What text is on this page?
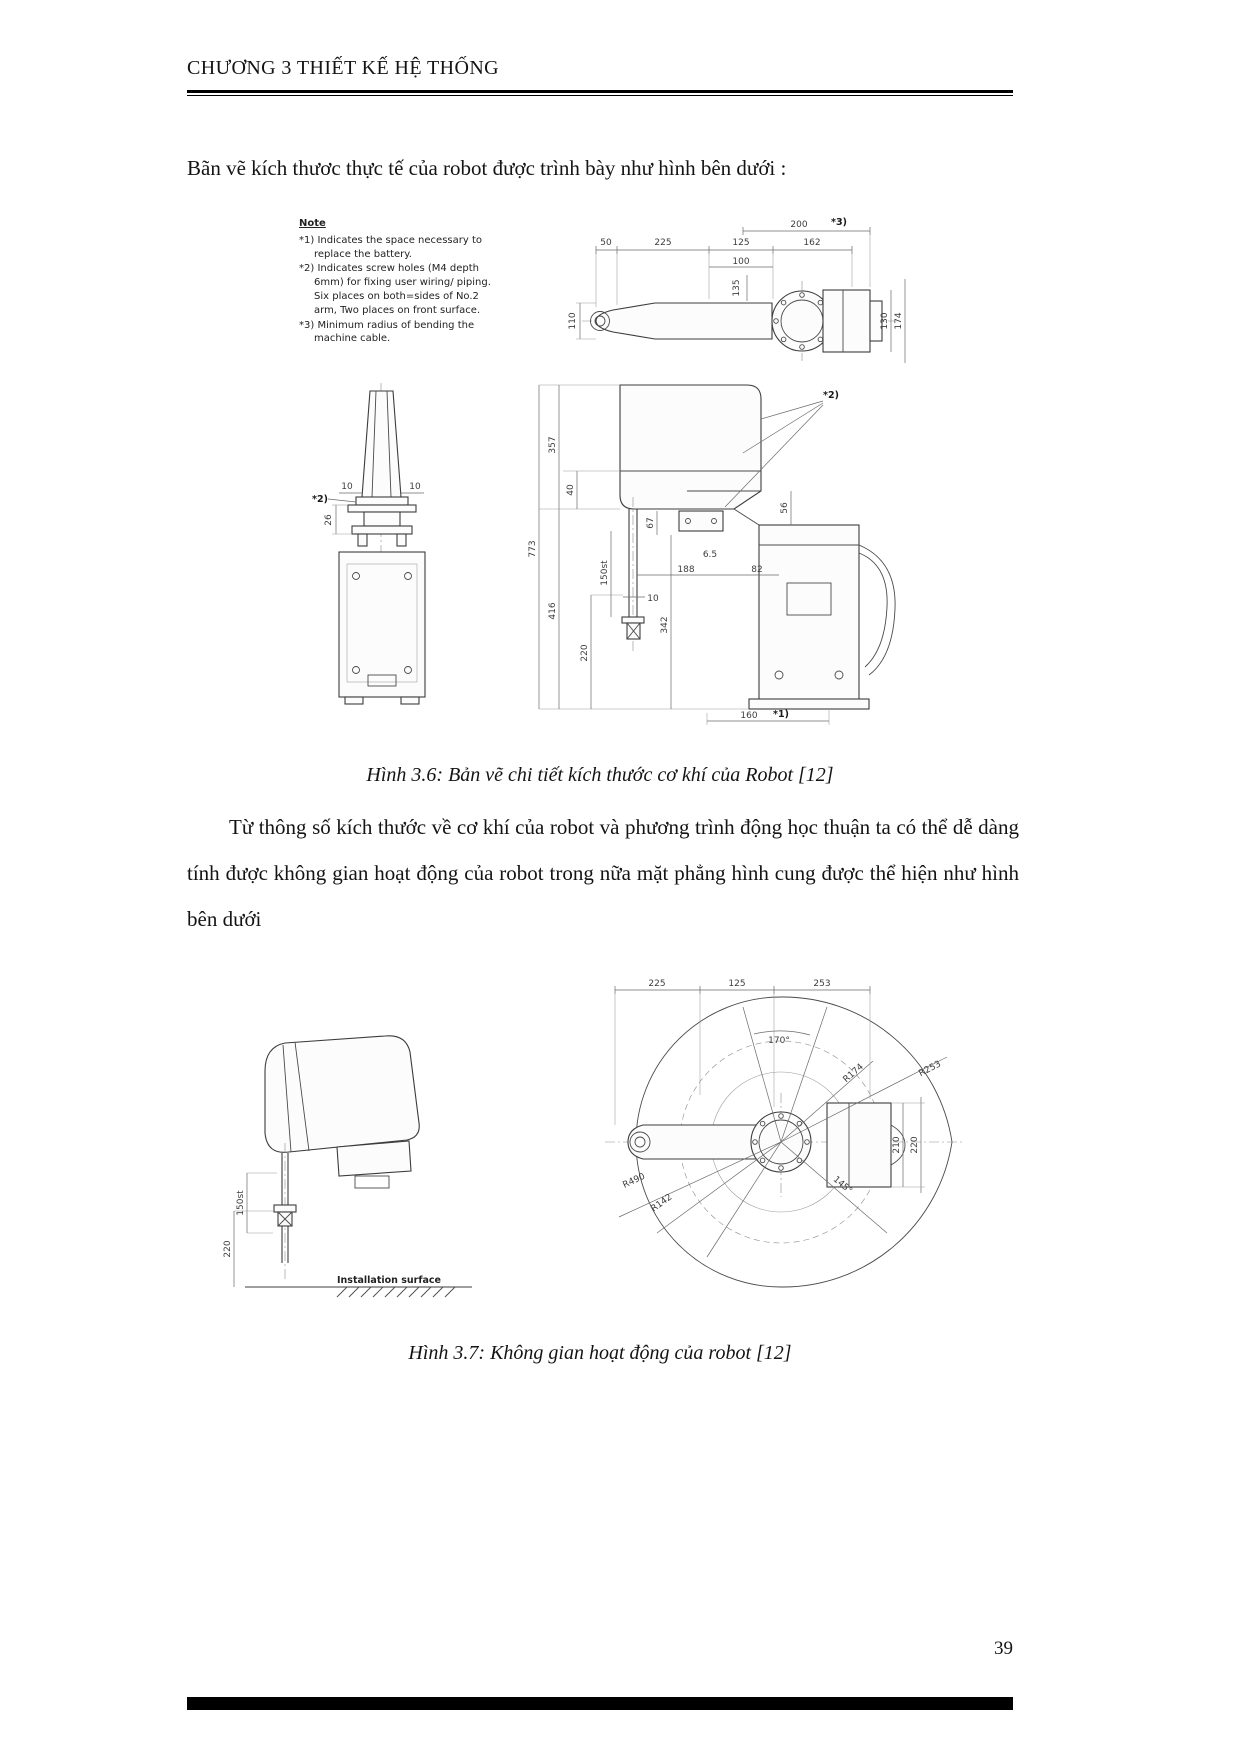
CHƯƠNG 3 THIẾT KẾ HỆ THỐNG

Bãn vẽ kích thươc thực tế của robot được trình bày như hình bên dưới :

50	225	125	162
200 *3)
100
135
110	130 174
10	10
*2)
26
*2)
773
357
416
40
220
342
56
67
6.5
188	82
10
150st
160 *1)
Note
*1) Indicates the space necessary to replace the battery.
*2) Indicates screw holes (M4 depth 6mm) for fixing user wiring/ piping. Six places on both=sides of No.2 arm, Two places on front surface.
*3) Minimum radius of bending the machine cable.

Hình 3.6: Bản vẽ chi tiết kích thước cơ khí của Robot [12]

Từ thông số kích thước về cơ khí của robot và phương trình động học thuận ta có thể dễ dàng tính được không gian hoạt động của robot trong nữa mặt phẳng hình cung được thể hiện như hình bên dưới

Installation surface
150st
220
170°
R174	R253
R490
R142
145°
225	125	253
210 220

Hình 3.7: Không gian hoạt động của robot [12]

39
